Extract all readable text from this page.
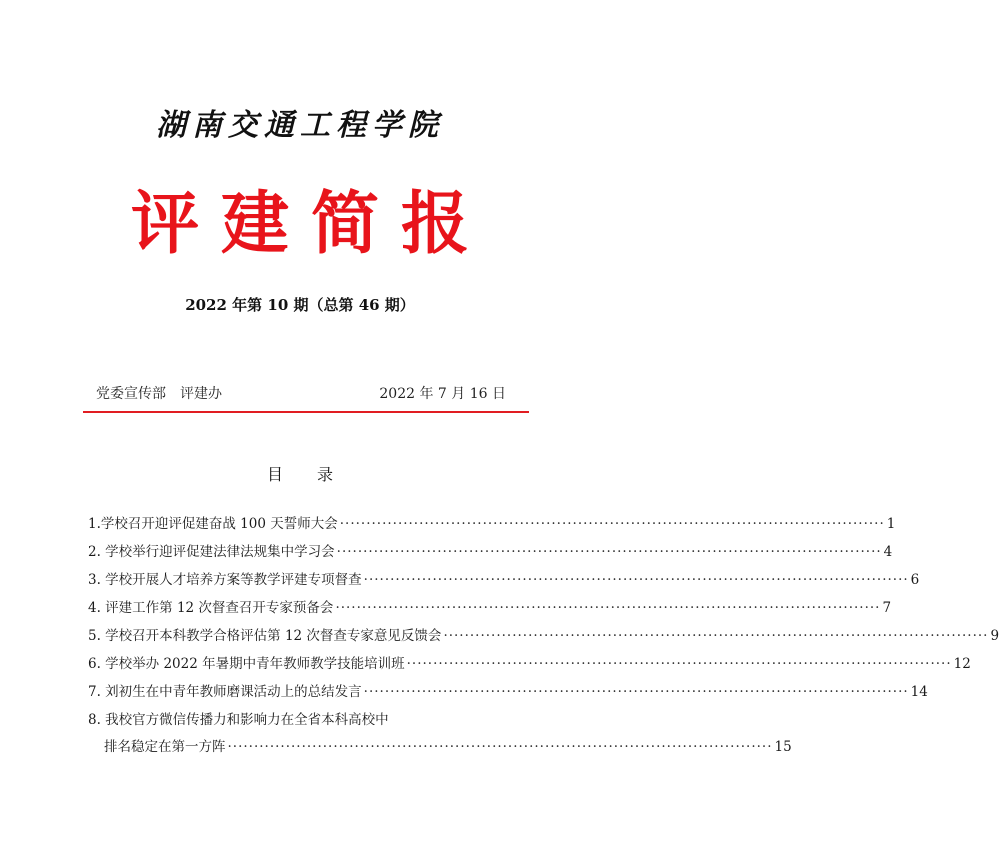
湖南交通工程学院
评建简报
2022 年第 10 期（总第 46 期）
党委宣传部　评建办	2022 年 7 月 16 日
目录
1.学校召开迎评促建奋战 100 天誓师大会 ······································································································· 1
2. 学校举行迎评促建法律法规集中学习会 ······································································································· 4
3. 学校开展人才培养方案等教学评建专项督查 ······································································································· 6
4. 评建工作第 12 次督查召开专家预备会 ······································································································· 7
5. 学校召开本科教学合格评估第 12 次督查专家意见反馈会 ······································································································· 9
6. 学校举办 2022 年暑期中青年教师教学技能培训班 ······································································································· 12
7. 刘初生在中青年教师磨课活动上的总结发言 ······································································································· 14
8. 我校官方微信传播力和影响力在全省本科高校中
排名稳定在第一方阵 ······································································································· 15
